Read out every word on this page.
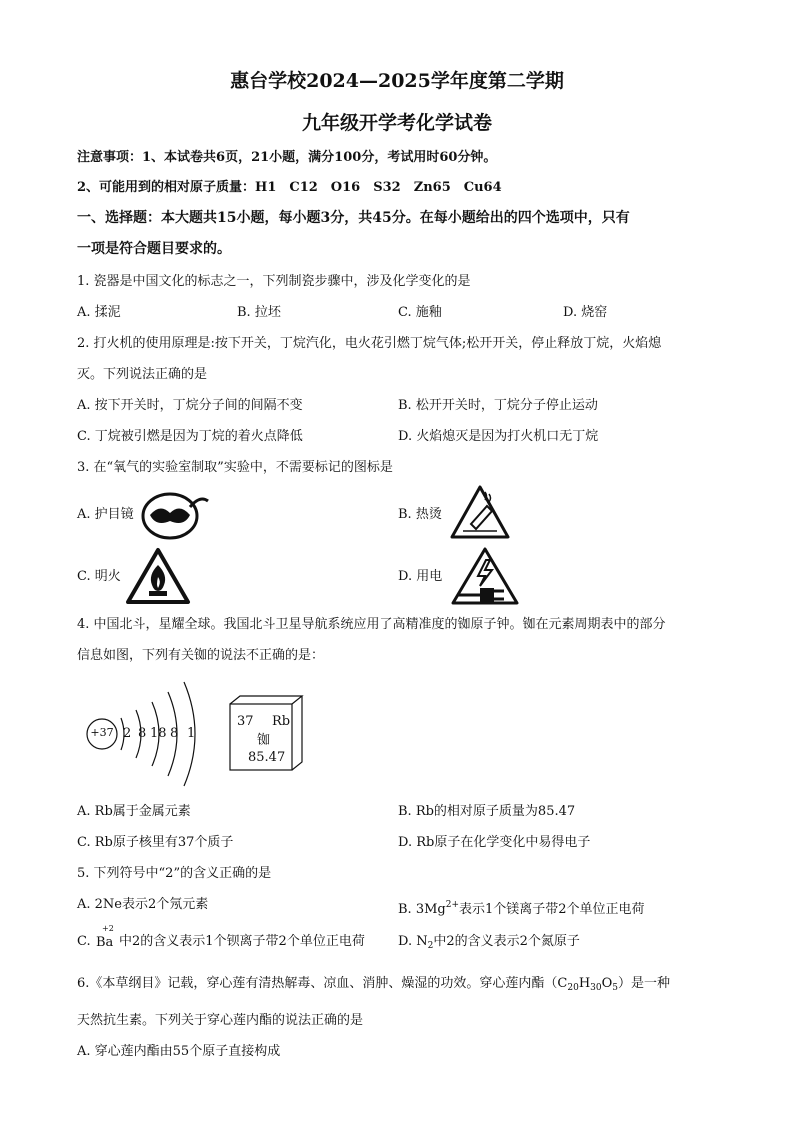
惠台学校2024—2025学年度第二学期
九年级开学考化学试卷
注意事项：1、本试卷共6页，21小题，满分100分，考试用时60分钟。
2、可能用到的相对原子质量：H1　C12　O16　S32　Zn65　Cu64
一、选择题：本大题共15小题，每小题3分，共45分。在每小题给出的四个选项中，只有
一项是符合题目要求的。
1. 瓷器是中国文化的标志之一，下列制瓷步骤中，涉及化学变化的是
A. 揉泥	B. 拉坯	C. 施釉	D. 烧窑
2. 打火机的使用原理是:按下开关，丁烷汽化，电火花引燃丁烷气体;松开开关，停止释放丁烷，火焰熄
灭。下列说法正确的是
A. 按下开关时，丁烷分子间的间隔不变	B. 松开开关时，丁烷分子停止运动
C. 丁烷被引燃是因为丁烷的着火点降低	D. 火焰熄灭是因为打火机口无丁烷
3. 在“氧气的实验室制取”实验中，不需要标记的图标是
A. 护目镜	B. 热烫
C. 明火	D. 用电
4. 中国北斗，星耀全球。我国北斗卫星导航系统应用了高精准度的铷原子钟。铷在元素周期表中的部分
信息如图，下列有关铷的说法不正确的是：
+37 2 8 18 8 1
37 Rb
铷
85.47
A. Rb属于金属元素	B. Rb的相对原子质量为85.47
C. Rb原子核里有37个质子	D. Rb原子在化学变化中易得电子
5. 下列符号中“2”的含义正确的是
A. 2Ne表示2个氖元素	B. $3Mg^{2+}$表示1个镁离子带2个单位正电荷
C.
+2
Ba 中2的含义表示1个钡离子带2个单位正电荷	D. $N_2$中2的含义表示2个氮原子
6.《本草纲目》记载，穿心莲有清热解毒、凉血、消肿、燥湿的功效。穿心莲内酯$(C_{20}H_{30}O_5)$是一种
天然抗生素。下列关于穿心莲内酯的说法正确的是
A. 穿心莲内酯由55个原子直接构成
